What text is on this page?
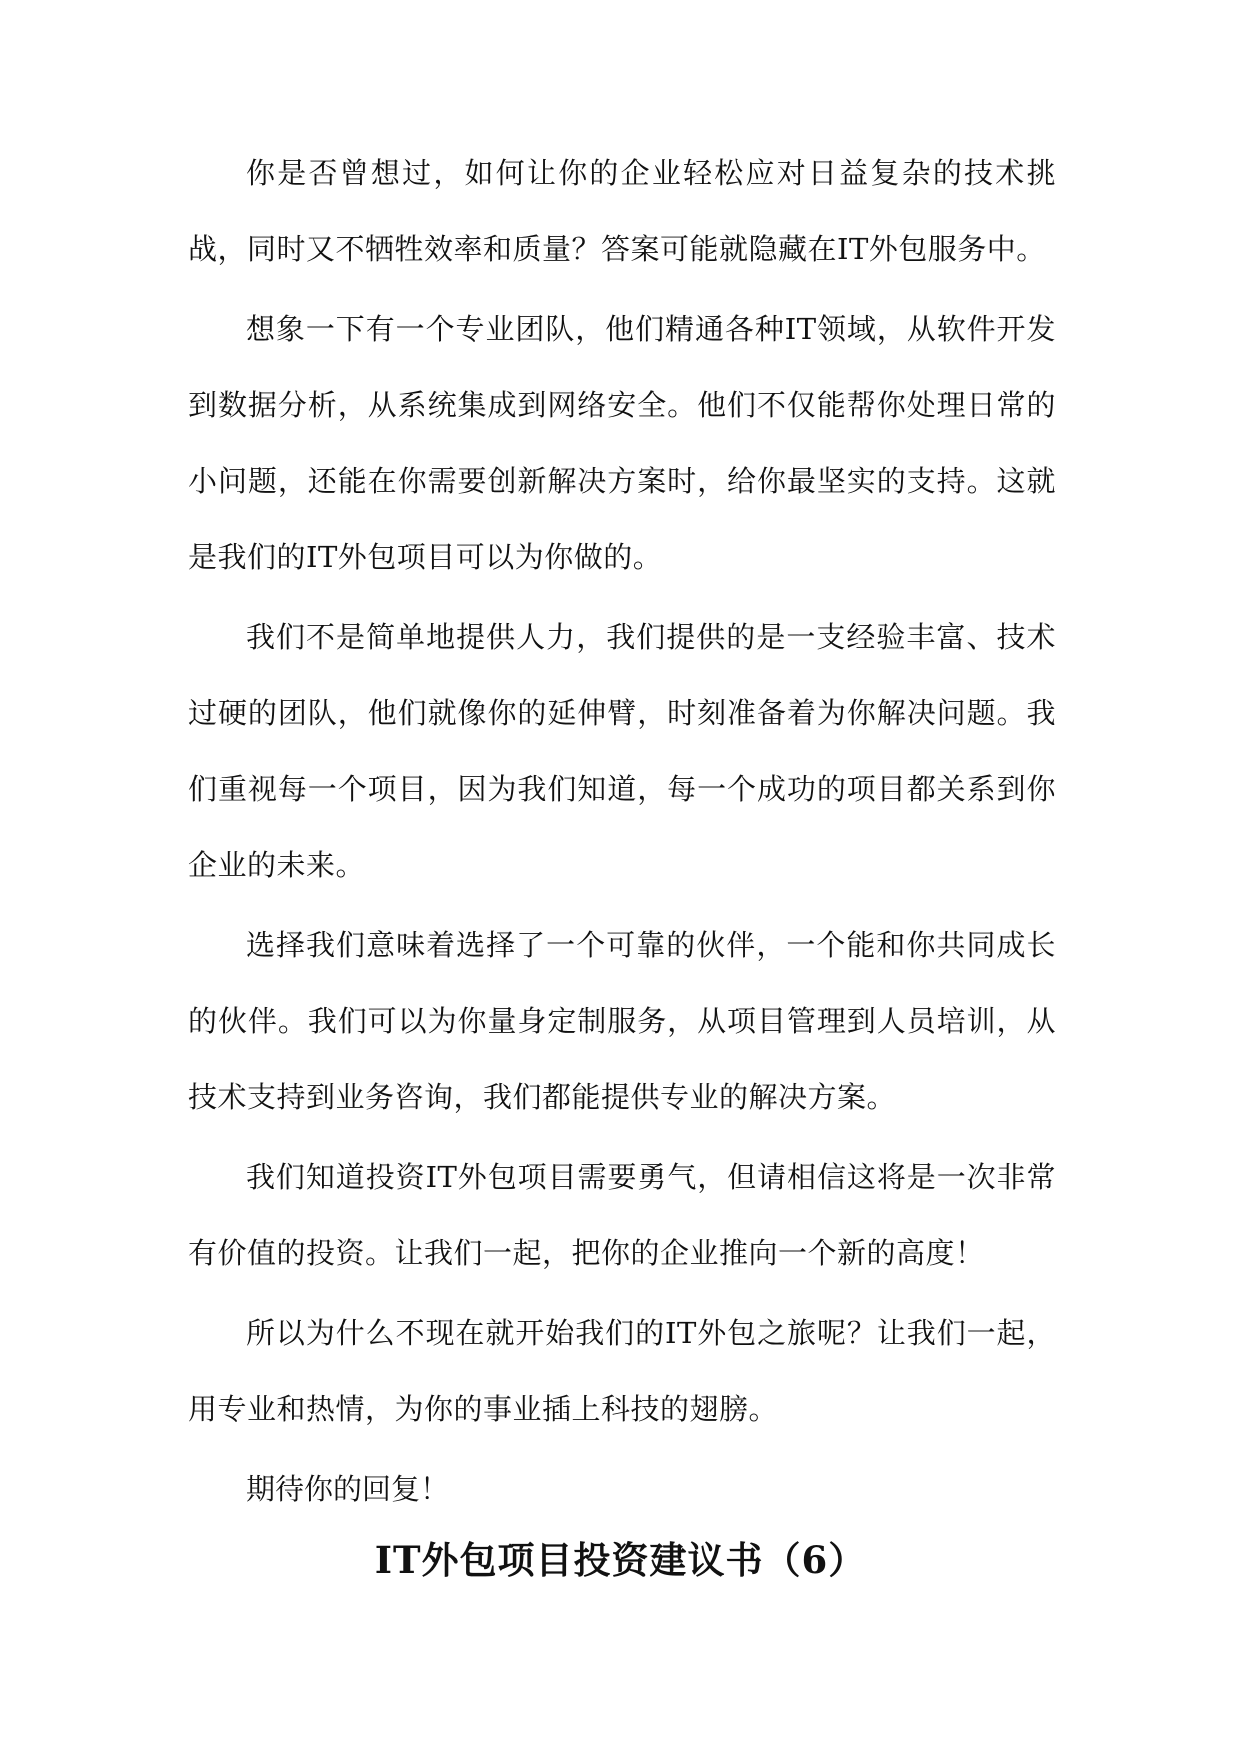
你是否曾想过，如何让你的企业轻松应对日益复杂的技术挑战，同时又不牺牲效率和质量？答案可能就隐藏在IT外包服务中。

想象一下有一个专业团队，他们精通各种IT领域，从软件开发到数据分析，从系统集成到网络安全。他们不仅能帮你处理日常的小问题，还能在你需要创新解决方案时，给你最坚实的支持。这就是我们的IT外包项目可以为你做的。

我们不是简单地提供人力，我们提供的是一支经验丰富、技术过硬的团队，他们就像你的延伸臂，时刻准备着为你解决问题。我们重视每一个项目，因为我们知道，每一个成功的项目都关系到你企业的未来。

选择我们意味着选择了一个可靠的伙伴，一个能和你共同成长的伙伴。我们可以为你量身定制服务，从项目管理到人员培训，从技术支持到业务咨询，我们都能提供专业的解决方案。

我们知道投资IT外包项目需要勇气，但请相信这将是一次非常有价值的投资。让我们一起，把你的企业推向一个新的高度！

所以为什么不现在就开始我们的IT外包之旅呢？让我们一起，用专业和热情，为你的事业插上科技的翅膀。

期待你的回复！

IT外包项目投资建议书（6）
